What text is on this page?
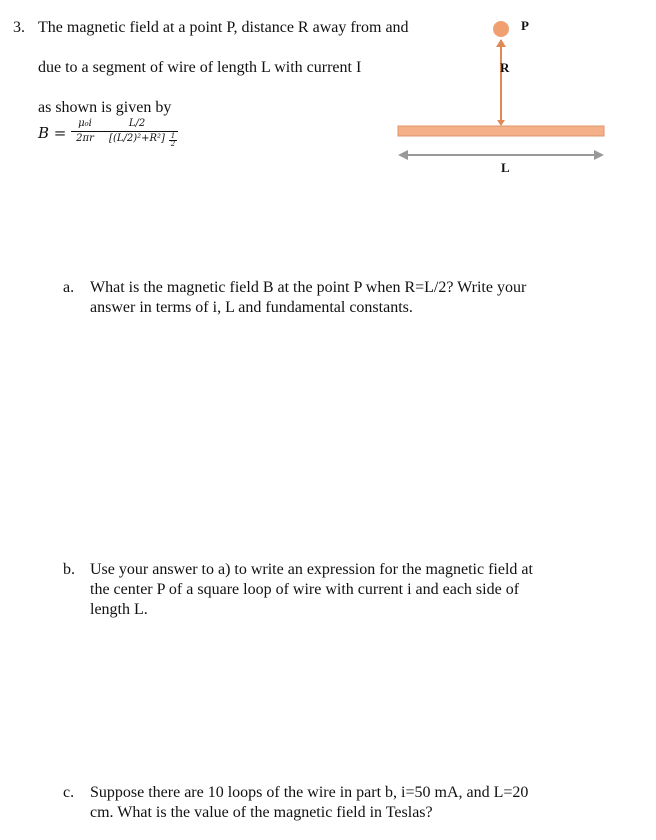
3. The magnetic field at a point P, distance R away from and
due to a segment of wire of length L with current I
as shown is given by
B =
μ₀i
2πr
L/2
[(L/2)²+R²] 1
2
P
R
L
a. What is the magnetic field B at the point P when R=L/2? Write your
answer in terms of i, L and fundamental constants.
b. Use your answer to a) to write an expression for the magnetic field at
the center P of a square loop of wire with current i and each side of
length L.
c. Suppose there are 10 loops of the wire in part b, i=50 mA, and L=20
cm. What is the value of the magnetic field in Teslas?
